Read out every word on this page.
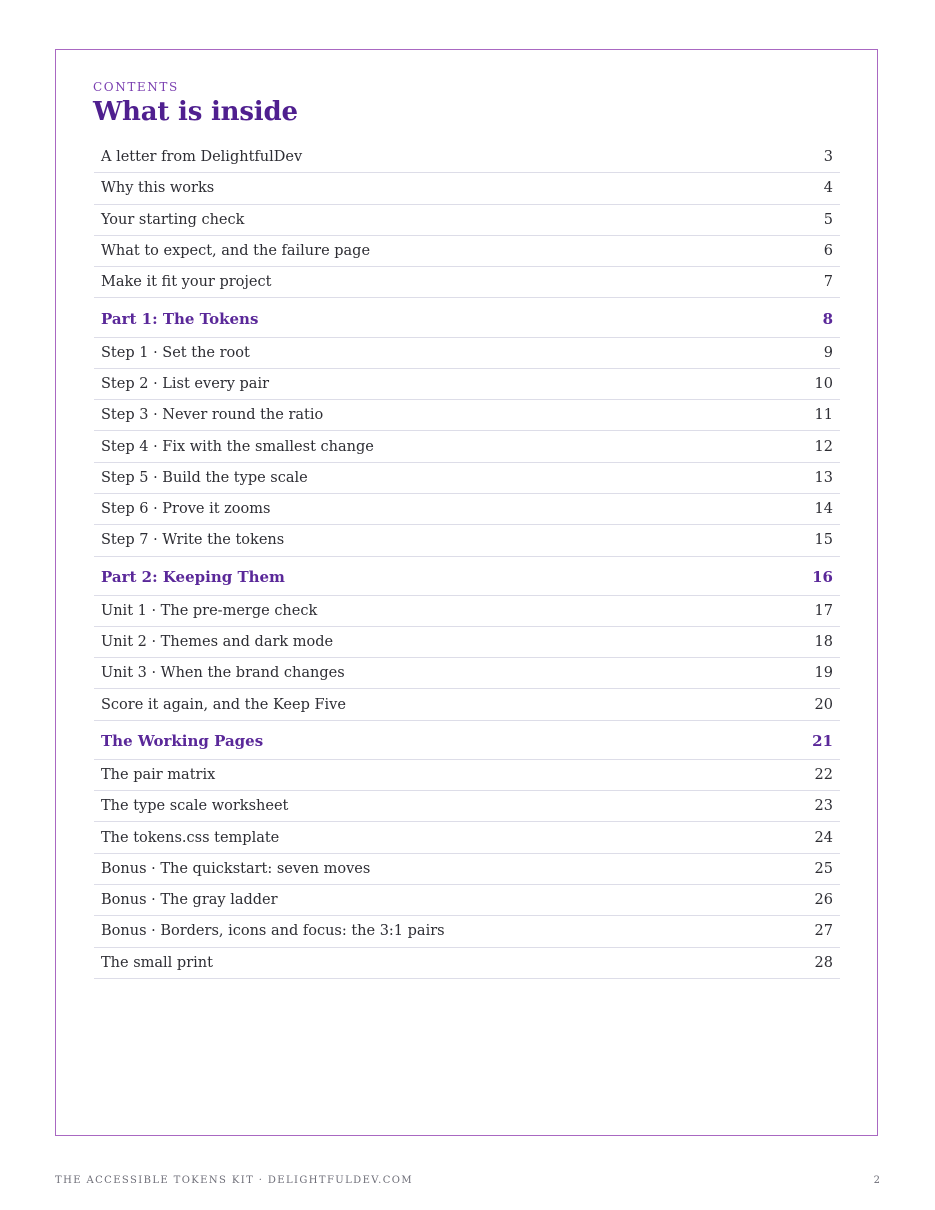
CONTENTS
What is inside
A letter from DelightfulDev	3
Why this works	4
Your starting check	5
What to expect, and the failure page	6
Make it fit your project	7
Part 1: The Tokens	8
Step 1 · Set the root	9
Step 2 · List every pair	10
Step 3 · Never round the ratio	11
Step 4 · Fix with the smallest change	12
Step 5 · Build the type scale	13
Step 6 · Prove it zooms	14
Step 7 · Write the tokens	15
Part 2: Keeping Them	16
Unit 1 · The pre-merge check	17
Unit 2 · Themes and dark mode	18
Unit 3 · When the brand changes	19
Score it again, and the Keep Five	20
The Working Pages	21
The pair matrix	22
The type scale worksheet	23
The tokens.css template	24
Bonus · The quickstart: seven moves	25
Bonus · The gray ladder	26
Bonus · Borders, icons and focus: the 3:1 pairs	27
The small print	28
THE ACCESSIBLE TOKENS KIT · DELIGHTFULDEV.COM	2
